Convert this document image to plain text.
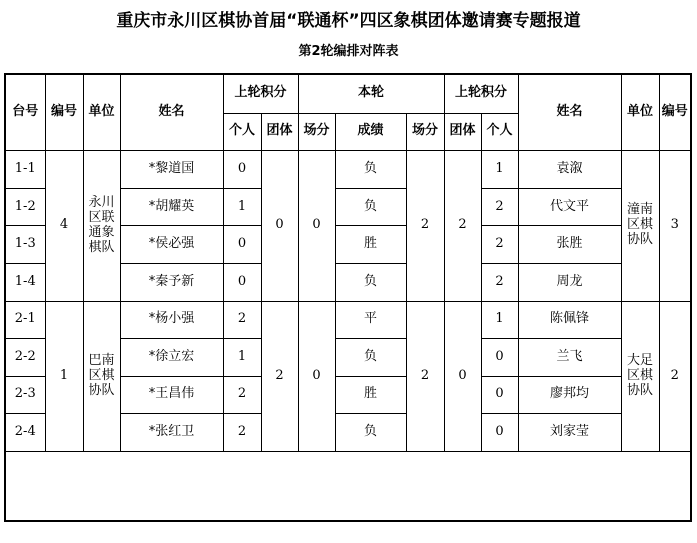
重庆市永川区棋协首届“联通杯”四区象棋团体邀请赛专题报道
第2轮编排对阵表
台号	编号	单位	姓名	上轮积分		本轮			上轮积分		姓名	单位	编号
				个人	团体	场分	成绩	场分	团体	个人			
1-1	4	永川区联通象棋队	*黎道国	0	0	0	负	2	2	1	袁溆	潼南区棋协队	3
1-2			*胡耀英	1			负			2	代文平		
1-3			*侯必强	0			胜			2	张胜		
1-4			*秦予新	0			负			2	周龙		
2-1	1	巴南区棋协队	*杨小强	2	2	0	平	2	0	1	陈佩锋	大足区棋协队	2
2-2			*徐立宏	1			负			0	兰飞		
2-3			*王昌伟	2			胜			0	廖邦均		
2-4			*张红卫	2			负			0	刘家莹		
